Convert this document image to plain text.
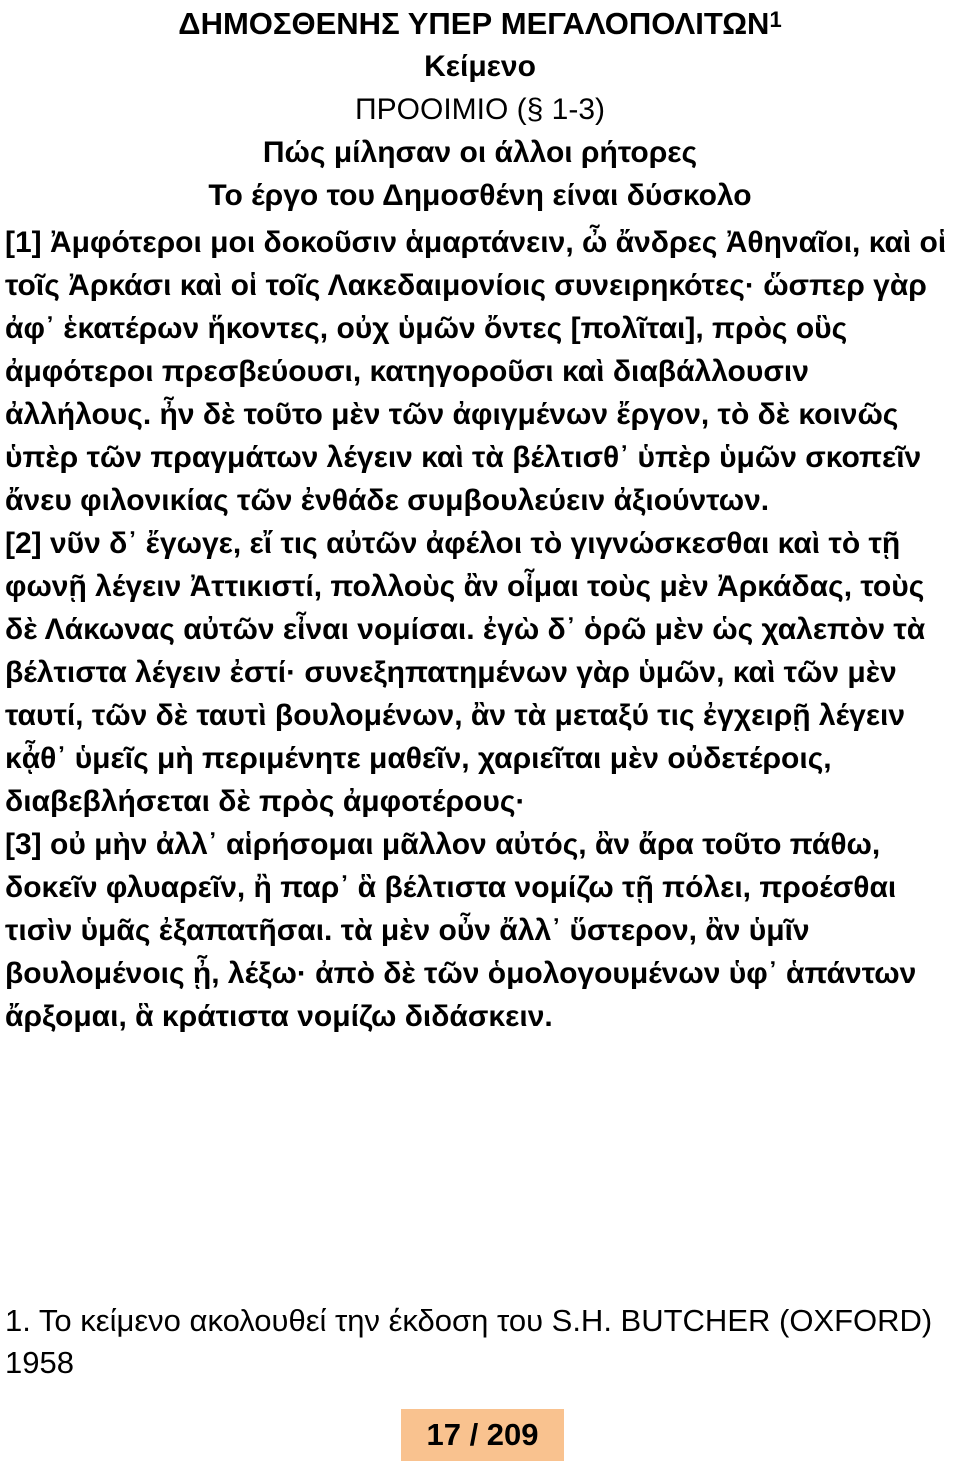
ΔΗΜΟΣΘΕΝΗΣ ΥΠΕΡ ΜΕΓΑΛΟΠΟΛΙΤΩΝ$^1$

Κείμενο

ΠΡΟΟΙΜΙΟ (§ 1-3)

Πώς μίλησαν οι άλλοι ρήτορες

Το έργο του Δημοσθένη είναι δύσκολο

[1] Ἀμφότεροι μοι δοκοῦσιν ἁμαρτάνειν, ὦ ἄνδρες Ἀθηναῖοι, καὶ οἱ τοῖς Ἀρκάσι καὶ οἱ τοῖς Λακεδαιμονίοις συνειρηκότες· ὥσπερ γὰρ ἀφ᾽ ἑκατέρων ἥκοντες, οὐχ ὑμῶν ὄντες [πολῖται], πρὸς οὓς ἀμφότεροι πρεσβεύουσι, κατηγοροῦσι καὶ διαβάλλουσιν ἀλλήλους. ἦν δὲ τοῦτο μὲν τῶν ἀφιγμένων ἔργον, τὸ δὲ κοινῶς ὑπὲρ τῶν πραγμάτων λέγειν καὶ τὰ βέλτισθ᾽ ὑπὲρ ὑμῶν σκοπεῖν ἄνευ φιλονικίας τῶν ἐνθάδε συμβουλεύειν ἀξιούντων.

[2] νῦν δ᾽ ἔγωγε, εἴ τις αὐτῶν ἀφέλοι τὸ γιγνώσκεσθαι καὶ τὸ τῇ φωνῇ λέγειν Ἀττικιστί, πολλοὺς ἂν οἶμαι τοὺς μὲν Ἀρκάδας, τοὺς δὲ Λάκωνας αὐτῶν εἶναι νομίσαι. ἐγὼ δ᾽ ὁρῶ μὲν ὡς χαλεπὸν τὰ βέλτιστα λέγειν ἐστί· συνεξηπατημένων γὰρ ὑμῶν, καὶ τῶν μὲν ταυτί, τῶν δὲ ταυτὶ βουλομένων, ἂν τὰ μεταξύ τις ἐγχειρῇ λέγειν κᾆθ᾽ ὑμεῖς μὴ περιμένητε μαθεῖν, χαριεῖται μὲν οὐδετέροις, διαβεβλήσεται δὲ πρὸς ἀμφοτέρους·

[3] οὐ μὴν ἀλλ᾽ αἱρήσομαι μᾶλλον αὐτός, ἂν ἄρα τοῦτο πάθω, δοκεῖν φλυαρεῖν, ἢ παρ᾽ ἃ βέλτιστα νομίζω τῇ πόλει, προέσθαι τισὶν ὑμᾶς ἐξαπατῆσαι. τὰ μὲν οὖν ἄλλ᾽ ὕστερον, ἂν ὑμῖν βουλομένοις ᾖ, λέξω· ἀπὸ δὲ τῶν ὁμολογουμένων ὑφ᾽ ἁπάντων ἄρξομαι, ἃ κράτιστα νομίζω διδάσκειν.

1. Το κείμενο ακολουθεί την έκδοση του S.H. BUTCHER (OXFORD) 1958

17 / 209
